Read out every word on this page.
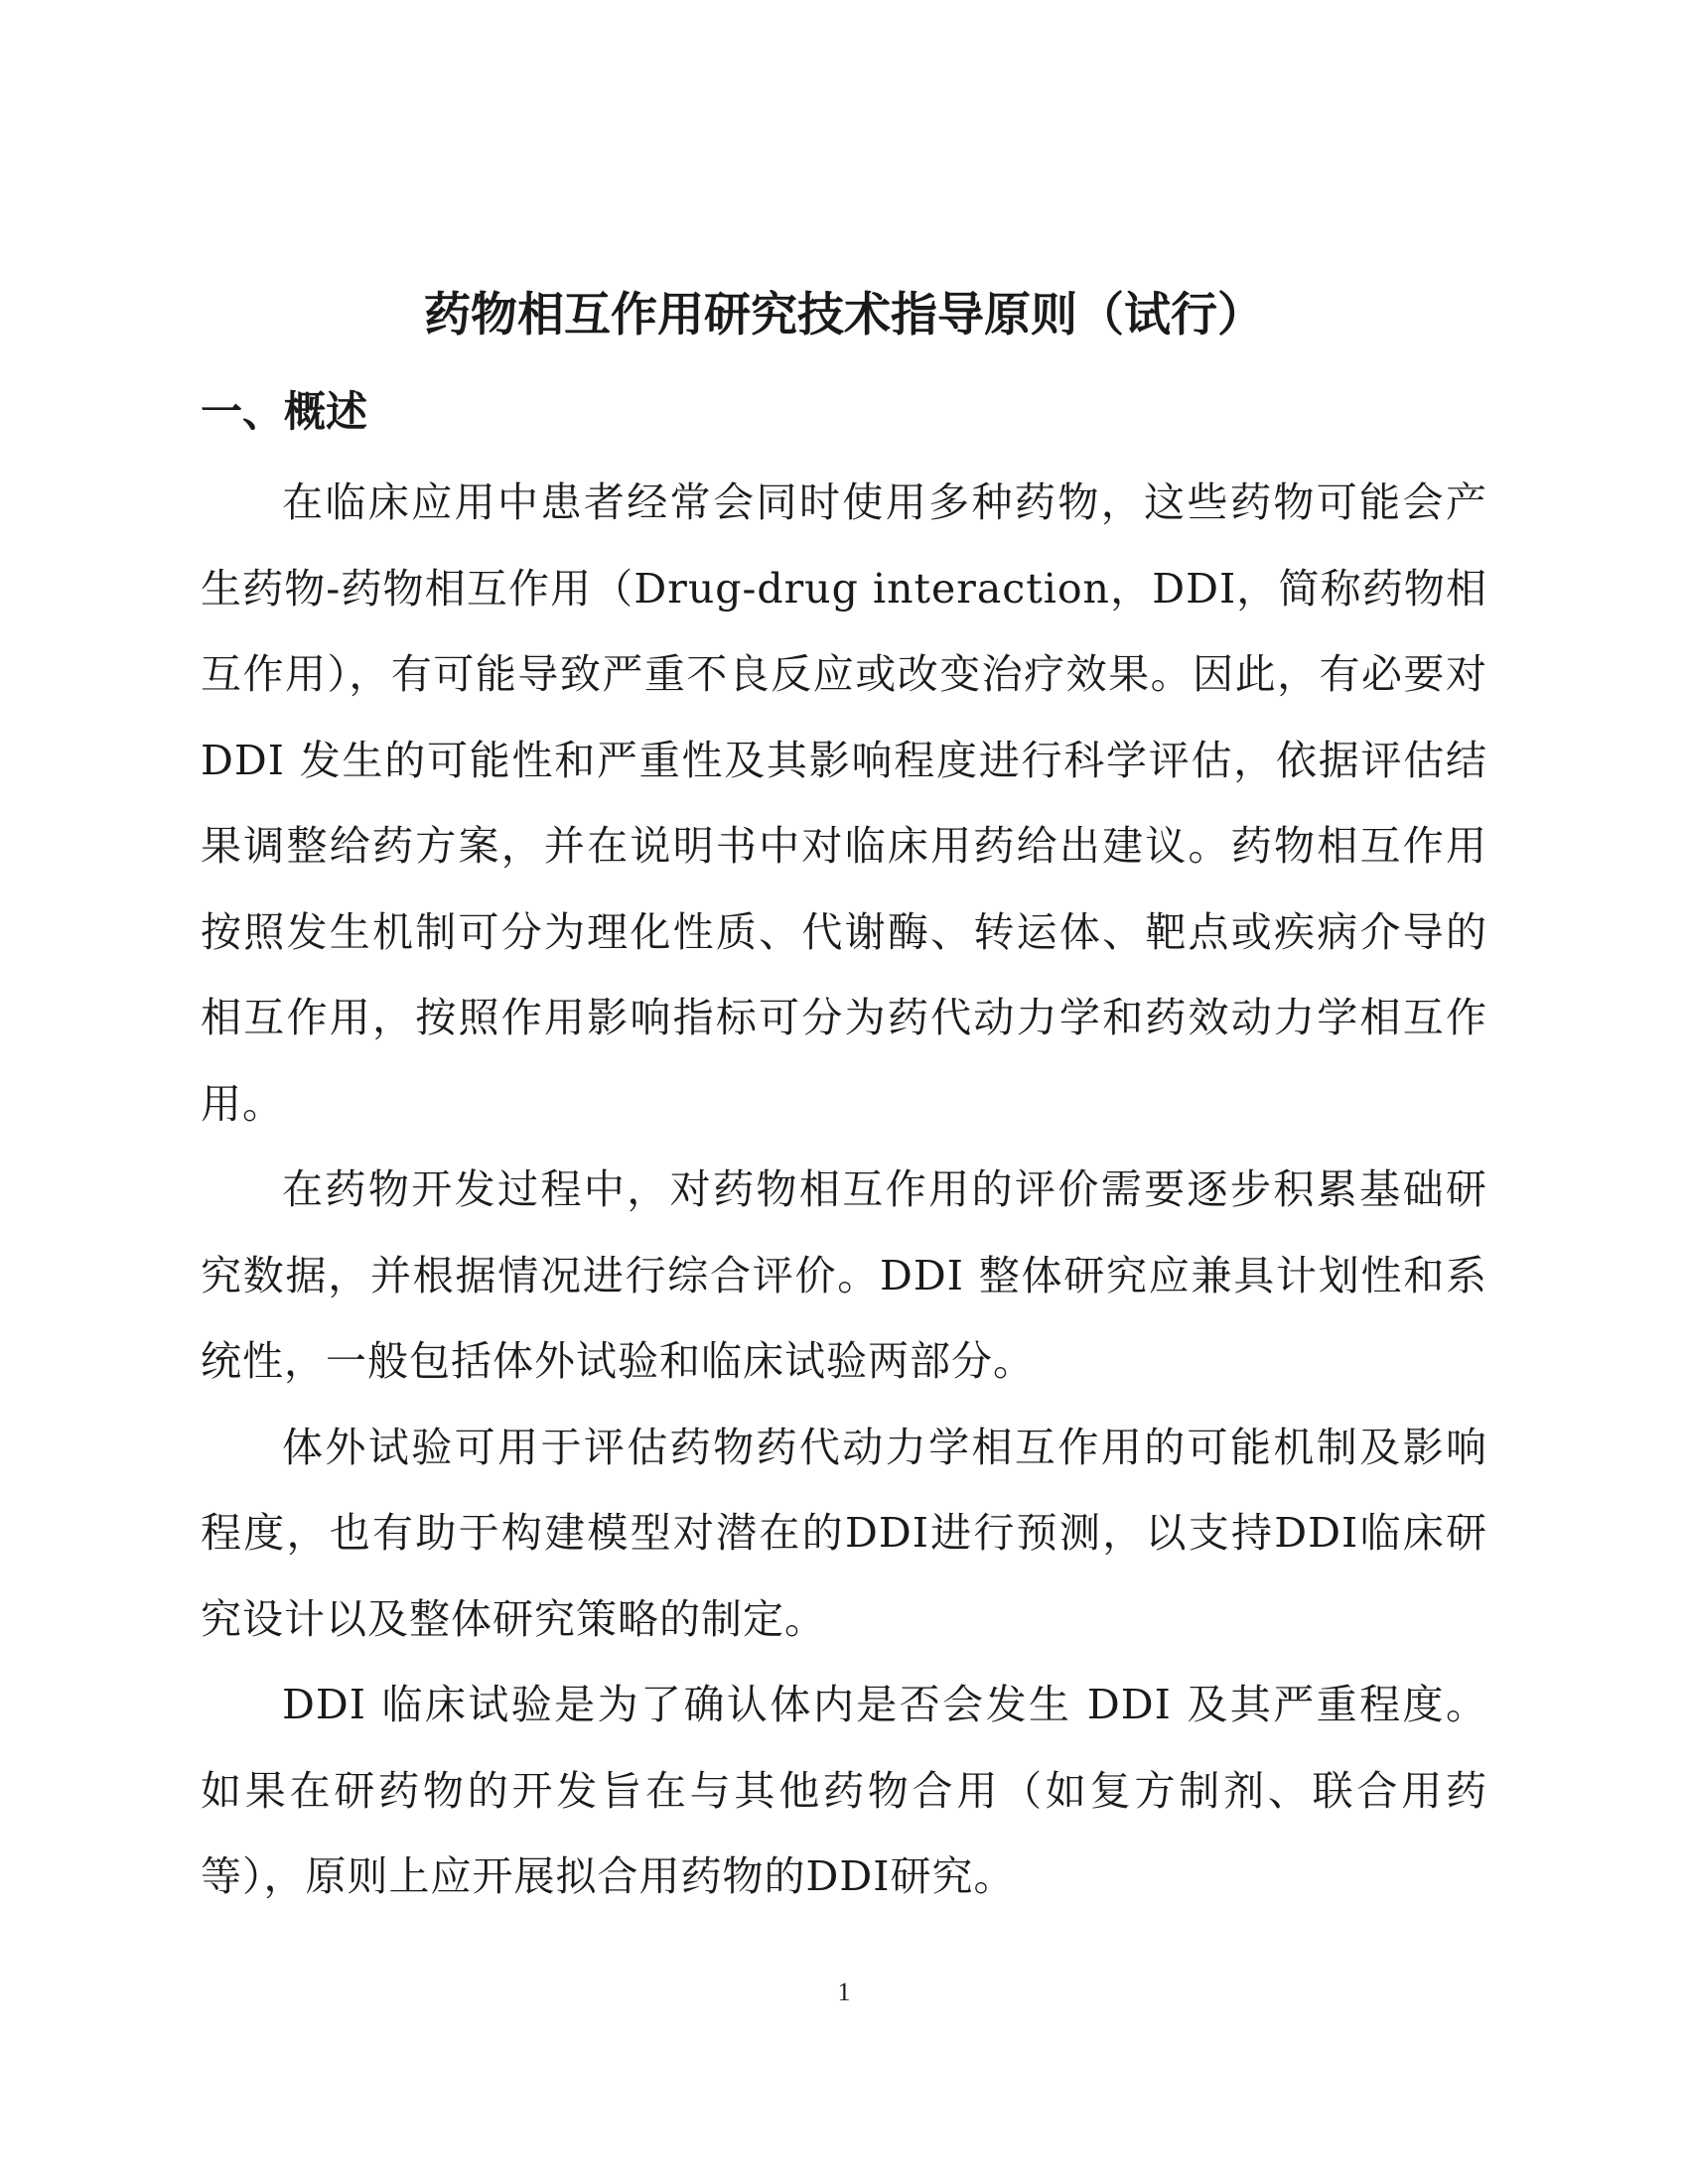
药物相互作用研究技术指导原则（试行）
一、概述

在临床应用中患者经常会同时使用多种药物，这些药物可能会产生药物-药物相互作用（Drug-drug interaction，DDI，简称药物相互作用），有可能导致严重不良反应或改变治疗效果。因此，有必要对DDI 发生的可能性和严重性及其影响程度进行科学评估，依据评估结果调整给药方案，并在说明书中对临床用药给出建议。药物相互作用按照发生机制可分为理化性质、代谢酶、转运体、靶点或疾病介导的相互作用，按照作用影响指标可分为药代动力学和药效动力学相互作用。

在药物开发过程中，对药物相互作用的评价需要逐步积累基础研究数据，并根据情况进行综合评价。DDI 整体研究应兼具计划性和系统性，一般包括体外试验和临床试验两部分。

体外试验可用于评估药物药代动力学相互作用的可能机制及影响程度，也有助于构建模型对潜在的DDI进行预测，以支持DDI临床研究设计以及整体研究策略的制定。

DDI 临床试验是为了确认体内是否会发生 DDI 及其严重程度。如果在研药物的开发旨在与其他药物合用（如复方制剂、联合用药等），原则上应开展拟合用药物的DDI研究。

1
